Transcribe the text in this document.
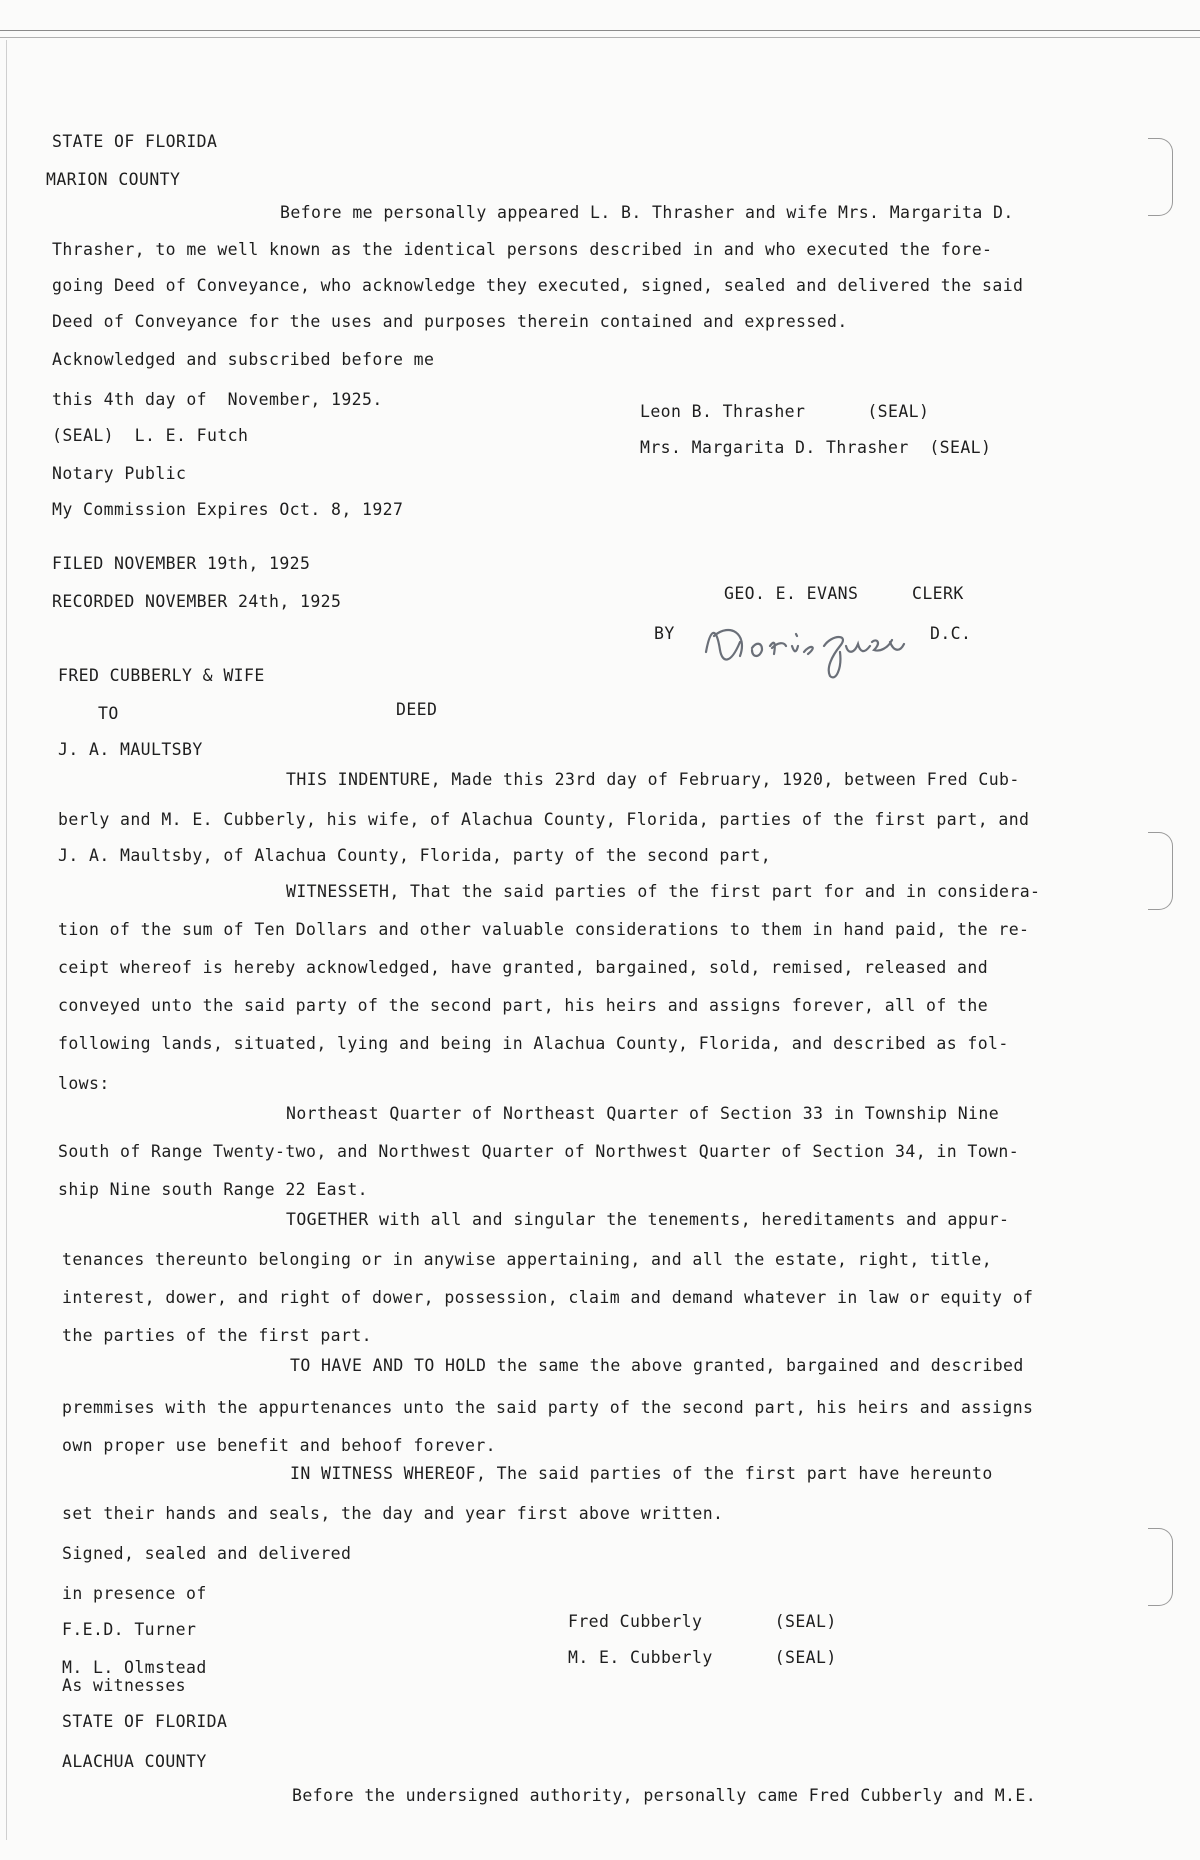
STATE OF FLORIDA
MARION COUNTY
Before me personally appeared L. B. Thrasher and wife Mrs. Margarita D.
Thrasher, to me well known as the identical persons described in and who executed the fore-
going Deed of Conveyance, who acknowledge they executed, signed, sealed and delivered the said
Deed of Conveyance for the uses and purposes therein contained and expressed.
Acknowledged and subscribed before me
this 4th day of  November, 1925.
Leon B. Thrasher      (SEAL)
(SEAL)  L. E. Futch
Mrs. Margarita D. Thrasher  (SEAL)
Notary Public
My Commission Expires Oct. 8, 1927
FILED NOVEMBER 19th, 1925
RECORDED NOVEMBER 24th, 1925	GEO. E. EVANS	CLERK
BY	D.C.
FRED CUBBERLY & WIFE
TO	DEED
J. A. MAULTSBY
THIS INDENTURE, Made this 23rd day of February, 1920, between Fred Cub-
berly and M. E. Cubberly, his wife, of Alachua County, Florida, parties of the first part, and
J. A. Maultsby, of Alachua County, Florida, party of the second part,
WITNESSETH, That the said parties of the first part for and in considera-
tion of the sum of Ten Dollars and other valuable considerations to them in hand paid, the re-
ceipt whereof is hereby acknowledged, have granted, bargained, sold, remised, released and
conveyed unto the said party of the second part, his heirs and assigns forever, all of the
following lands, situated, lying and being in Alachua County, Florida, and described as fol-
lows:
Northeast Quarter of Northeast Quarter of Section 33 in Township Nine
South of Range Twenty-two, and Northwest Quarter of Northwest Quarter of Section 34, in Town-
ship Nine south Range 22 East.
TOGETHER with all and singular the tenements, hereditaments and appur-
tenances thereunto belonging or in anywise appertaining, and all the estate, right, title,
interest, dower, and right of dower, possession, claim and demand whatever in law or equity of
the parties of the first part.
TO HAVE AND TO HOLD the same the above granted, bargained and described
premmises with the appurtenances unto the said party of the second part, his heirs and assigns
own proper use benefit and behoof forever.
IN WITNESS WHEREOF, The said parties of the first part have hereunto
set their hands and seals, the day and year first above written.
Signed, sealed and delivered
in presence of
F.E.D. Turner	Fred Cubberly       (SEAL)
M. L. Olmstead
M. E. Cubberly      (SEAL)
As witnesses
STATE OF FLORIDA
ALACHUA COUNTY
Before the undersigned authority, personally came Fred Cubberly and M.E.
